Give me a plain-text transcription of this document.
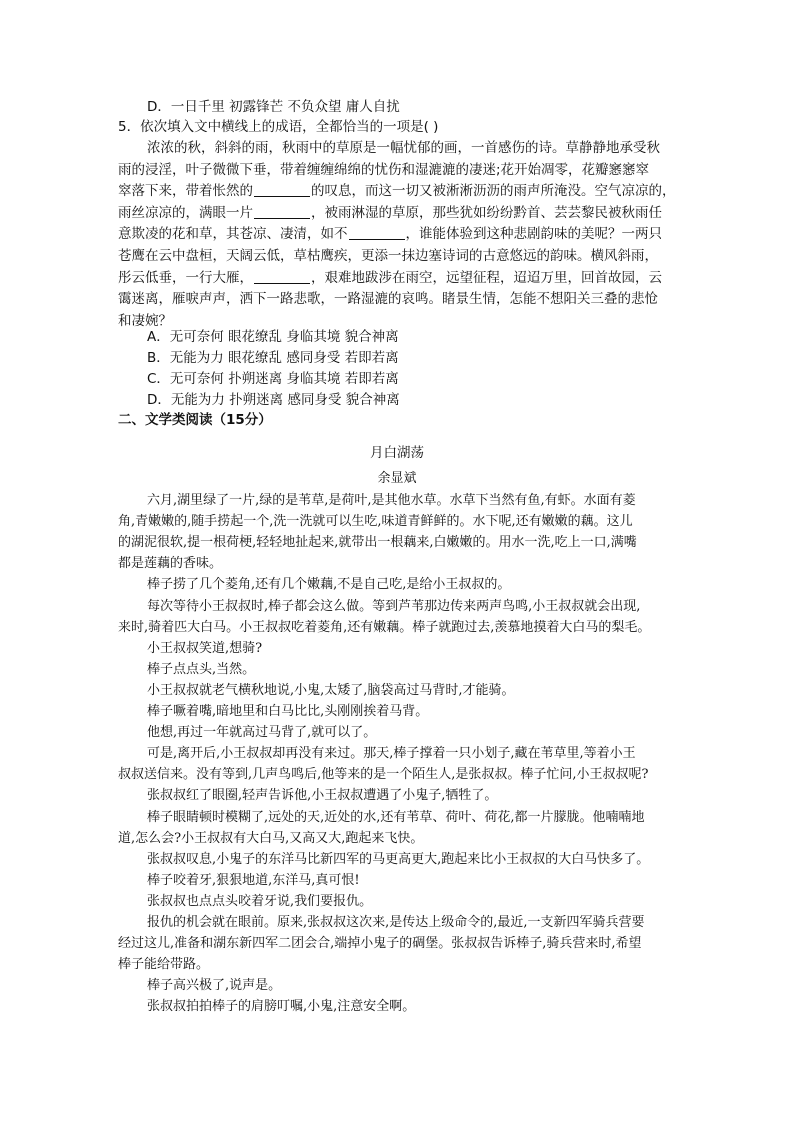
D．一日千里 初露锋芒 不负众望 庸人自扰
5．依次填入文中横线上的成语，全都恰当的一项是( )
浓浓的秋，斜斜的雨，秋雨中的草原是一幅忧郁的画，一首感伤的诗。草静静地承受秋
雨的浸淫，叶子微微下垂，带着缠缠绵绵的忧伤和湿漉漉的凄迷;花开始凋零，花瓣窸窸窣
窣落下来，带着怅然的	的叹息，而这一切又被淅淅沥沥的雨声所淹没。空气凉凉的，
雨丝凉凉的，满眼一片	，被雨淋湿的草原，那些犹如纷纷黔首、芸芸黎民被秋雨任
意欺凌的花和草，其苍凉、凄清，如不	，谁能体验到这种悲剧韵味的美呢？一两只
苍鹰在云中盘桓，天阔云低，草枯鹰疾，更添一抹边塞诗词的古意悠远的韵味。横风斜雨，
彤云低垂，一行大雁，	，艰难地跋涉在雨空，远望征程，迢迢万里，回首故园，云
霭迷离，雁唳声声，洒下一路悲歌，一路湿漉的哀鸣。睹景生情，怎能不想阳关三叠的悲怆
和凄婉？
A．无可奈何 眼花缭乱 身临其境 貌合神离
B．无能为力 眼花缭乱 感同身受 若即若离
C．无可奈何 扑朔迷离 身临其境 若即若离
D．无能为力 扑朔迷离 感同身受 貌合神离
二、文学类阅读（15分）
月白湖荡
余显斌
六月,湖里绿了一片,绿的是苇草,是荷叶,是其他水草。水草下当然有鱼,有虾。水面有菱
角,青嫩嫩的,随手捞起一个,洗一洗就可以生吃,味道青鲜鲜的。水下呢,还有嫩嫩的藕。这儿
的湖泥很软,提一根荷梗,轻轻地扯起来,就带出一根藕来,白嫩嫩的。用水一洗,吃上一口,满嘴
都是莲藕的香味。
棒子捞了几个菱角,还有几个嫩藕,不是自己吃,是给小王叔叔的。
每次等待小王叔叔时,棒子都会这么做。等到芦苇那边传来两声鸟鸣,小王叔叔就会出现,
来时,骑着匹大白马。小王叔叔吃着菱角,还有嫩藕。棒子就跑过去,羡慕地摸着大白马的梨毛。
小王叔叔笑道,想骑?
棒子点点头,当然。
小王叔叔就老气横秋地说,小鬼,太矮了,脑袋高过马背时,才能骑。
棒子噘着嘴,暗地里和白马比比,头刚刚挨着马背。
他想,再过一年就高过马背了,就可以了。
可是,离开后,小王叔叔却再没有来过。那天,棒子撑着一只小划子,藏在苇草里,等着小王
叔叔送信来。没有等到,几声鸟鸣后,他等来的是一个陌生人,是张叔叔。棒子忙问,小王叔叔呢?
张叔叔红了眼圈,轻声告诉他,小王叔叔遭遇了小鬼子,牺牲了。
棒子眼睛顿时模糊了,远处的天,近处的水,还有苇草、荷叶、荷花,都一片朦胧。他喃喃地
道,怎么会?小王叔叔有大白马,又高又大,跑起来飞快。
张叔叔叹息,小鬼子的东洋马比新四军的马更高更大,跑起来比小王叔叔的大白马快多了。
棒子咬着牙,狠狠地道,东洋马,真可恨!
张叔叔也点点头咬着牙说,我们要报仇。
报仇的机会就在眼前。原来,张叔叔这次来,是传达上级命令的,最近,一支新四军骑兵营要
经过这儿,准备和湖东新四军二团会合,端掉小鬼子的碉堡。张叔叔告诉棒子,骑兵营来时,希望
棒子能给带路。
棒子高兴极了,说声是。
张叔叔拍拍棒子的肩膀叮嘱,小鬼,注意安全啊。
